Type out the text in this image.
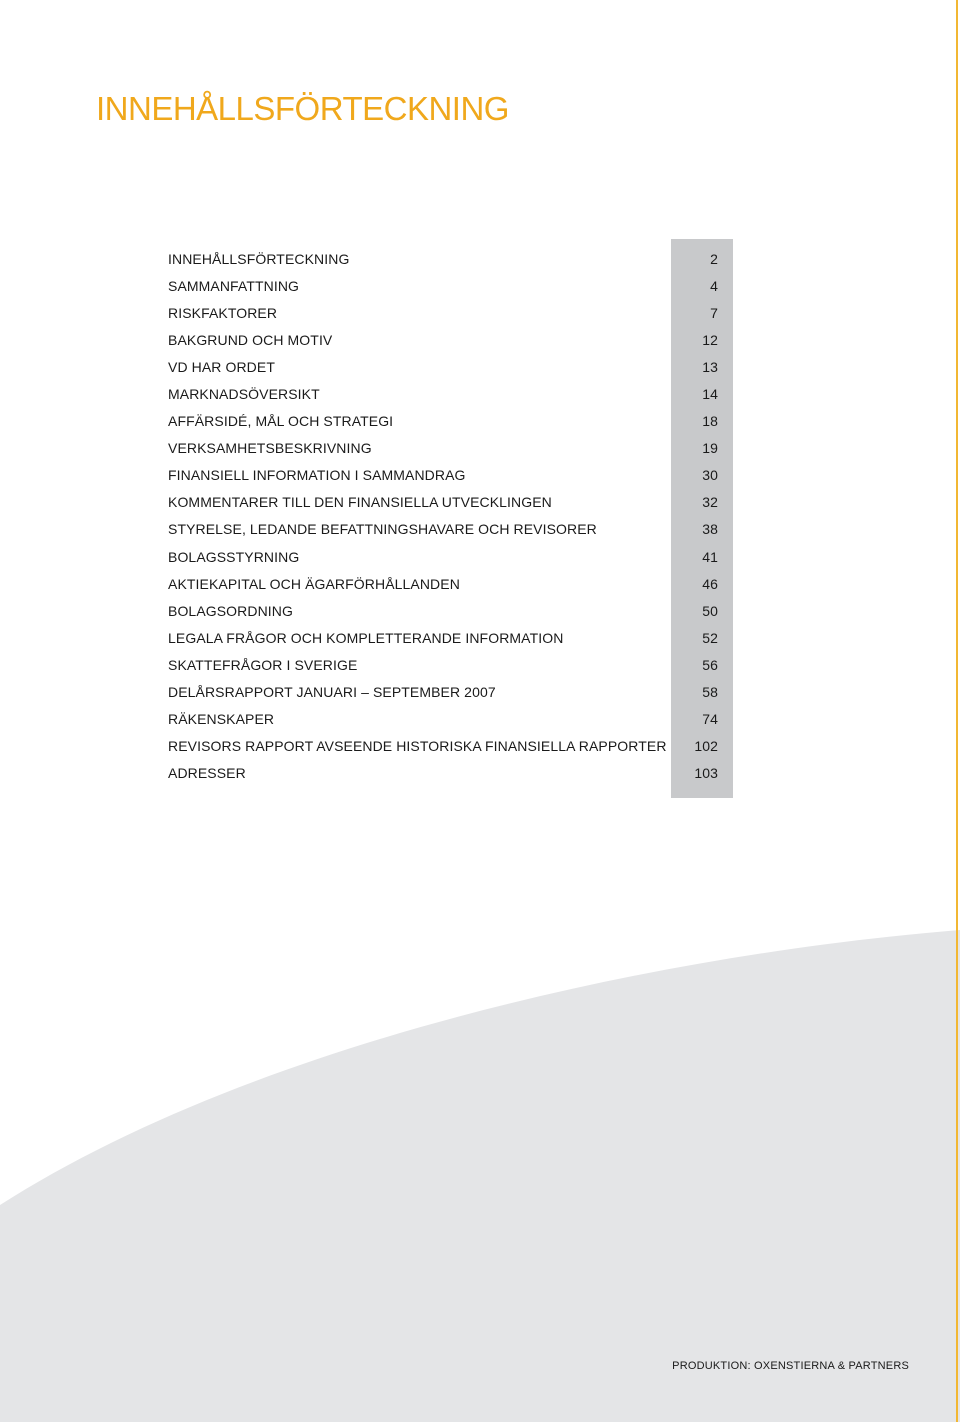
INNEHÅLLSFÖRTECKNING
INNEHÅLLSFÖRTECKNING	2
SAMMANFATTNING	4
RISKFAKTORER	7
BAKGRUND OCH MOTIV	12
VD HAR ORDET	13
MARKNADSÖVERSIKT	14
AFFÄRSIDÉ, MÅL OCH STRATEGI	18
VERKSAMHETSBESKRIVNING	19
FINANSIELL INFORMATION I SAMMANDRAG	30
KOMMENTARER TILL DEN FINANSIELLA UTVECKLINGEN	32
STYRELSE, LEDANDE BEFATTNINGSHAVARE OCH REVISORER	38
BOLAGSSTYRNING	41
AKTIEKAPITAL OCH ÄGARFÖRHÅLLANDEN	46
BOLAGSORDNING	50
LEGALA FRÅGOR OCH KOMPLETTERANDE INFORMATION	52
SKATTEFRÅGOR I SVERIGE	56
DELÅRSRAPPORT JANUARI – SEPTEMBER 2007	58
RÄKENSKAPER	74
REVISORS RAPPORT AVSEENDE HISTORISKA FINANSIELLA RAPPORTER	102
ADRESSER	103
PRODUKTION: OXENSTIERNA & PARTNERS
